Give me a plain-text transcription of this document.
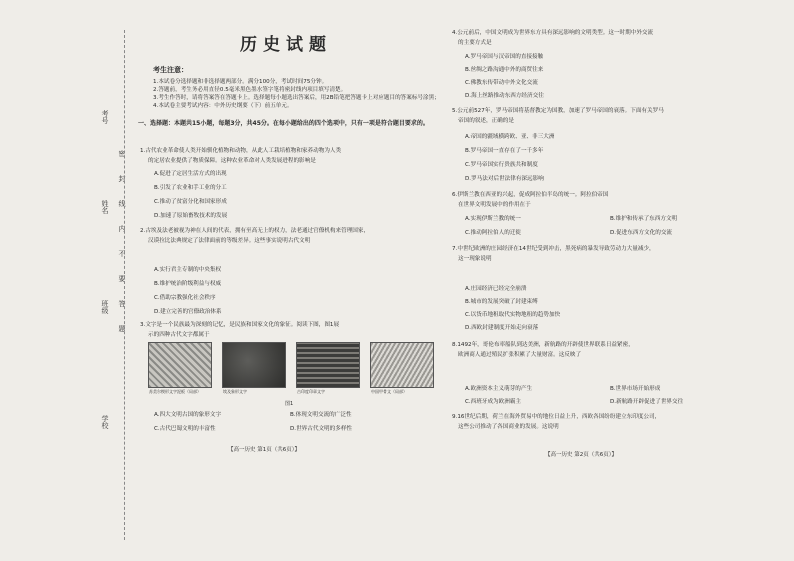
考号
姓名
班级
学校
密
封
线
内
不
要
答
题
历史试题
考生注意：
1.本试卷分选择题和非选择题两部分。满分100分，考试时间75分钟。
2.答题前，考生务必用直径0.5毫米黑色墨水签字笔将密封线内项目填写清楚。
3.考生作答时，请将答案答在答题卡上。选择题每小题选出答案后，用2B铅笔把答题卡上对应题目的答案标号涂黑；
4.本试卷主要考试内容：中外历史纲要（下）前五单元。
一、选择题：本题共15小题，每题3分，共45分。在每小题给出的四个选项中，只有一项是符合题目要求的。
1.古代农业革命使人类开始驯化植物和动物，从此人工栽培植物和家养动物为人类
的定居农业提供了物质保障。这种农业革命对人类发展进程的影响是
A.促进了定居生活方式的出现
B.引发了农业和手工业的分工
C.推动了贫富分化和国家形成
D.加速了原始畜牧技术的发展
2.古埃及法老被视为神在人间的代表，拥有至高无上的权力，法老通过官僚机构来管理国家，
汉谟拉比法典规定了法律面前的等级差异。这些事实说明古代文明
A.实行君主专制的中央集权
B.维护统治阶级利益与权威
C.借助宗教强化社会秩序
D.建立完善的官僚政治体系
3.文字是一个民族最为深刻的记忆，是民族和国家文化的象征。阅读下图，图1展
示的四种古代文字都属于
苏美尔楔形文字泥板（局部）	埃及象形文字	古印度印章文字	中国甲骨文（局部）
图1
A.四大文明古国的象形文字	B.体现文明交流的广泛性
C.古代巴蜀文明的丰富性	D.世界古代文明的多样性
【高一历史 第1页（共6页）】
4.公元前后，中国文明成为世界东方具有深远影响的文明类型。这一时期中外交流
的主要方式是
A.罗马帝国与汉帝国的直接接触
B.丝绸之路沟通中外的商贸往来
C.佛教东传带动中外文化交流
D.海上丝路推动东西方经济交往
5.公元前527年，罗马帝国将基督教定为国教，加速了罗马帝国的衰落。下面有关罗马
帝国的叙述，正确的是
A.帝国的疆域横跨欧、亚、非三大洲
B.罗马帝国一直存在了一千多年
C.罗马帝国实行贵族共和制度
D.罗马法对后世法律有深远影响
6.伊斯兰教在西亚的兴起，促成阿拉伯半岛的统一。阿拉伯帝国
在世界文明发展中的作用在于
A.实现伊斯兰教的统一	B.维护和传承了东西方文明
C.推动阿拉伯人的迁徙	D.促进东西方文化的交流
7.中世纪欧洲的庄园经济在14世纪受到冲击，黑死病的暴发导致劳动力大量减少，
这一现象说明
A.庄园经济已经完全崩溃
B.城市的发展突破了封建束缚
C.以货币地租取代实物地租的趋势加快
D.西欧封建制度开始走向衰落
8.1492年，哥伦布率船队到达美洲，新航路的开辟使世界联系日益紧密，
欧洲商人通过殖民扩张积累了大量财富。这反映了
A.欧洲资本主义萌芽的产生	B.世界市场开始形成
C.西班牙成为欧洲霸主	D.新航路开辟促进了世界交往
9.16世纪后期，荷兰在海外贸易中的地位日益上升，西欧各国纷纷建立东印度公司，
这些公司推动了各国商业的发展。这说明
【高一历史 第2页（共6页）】
